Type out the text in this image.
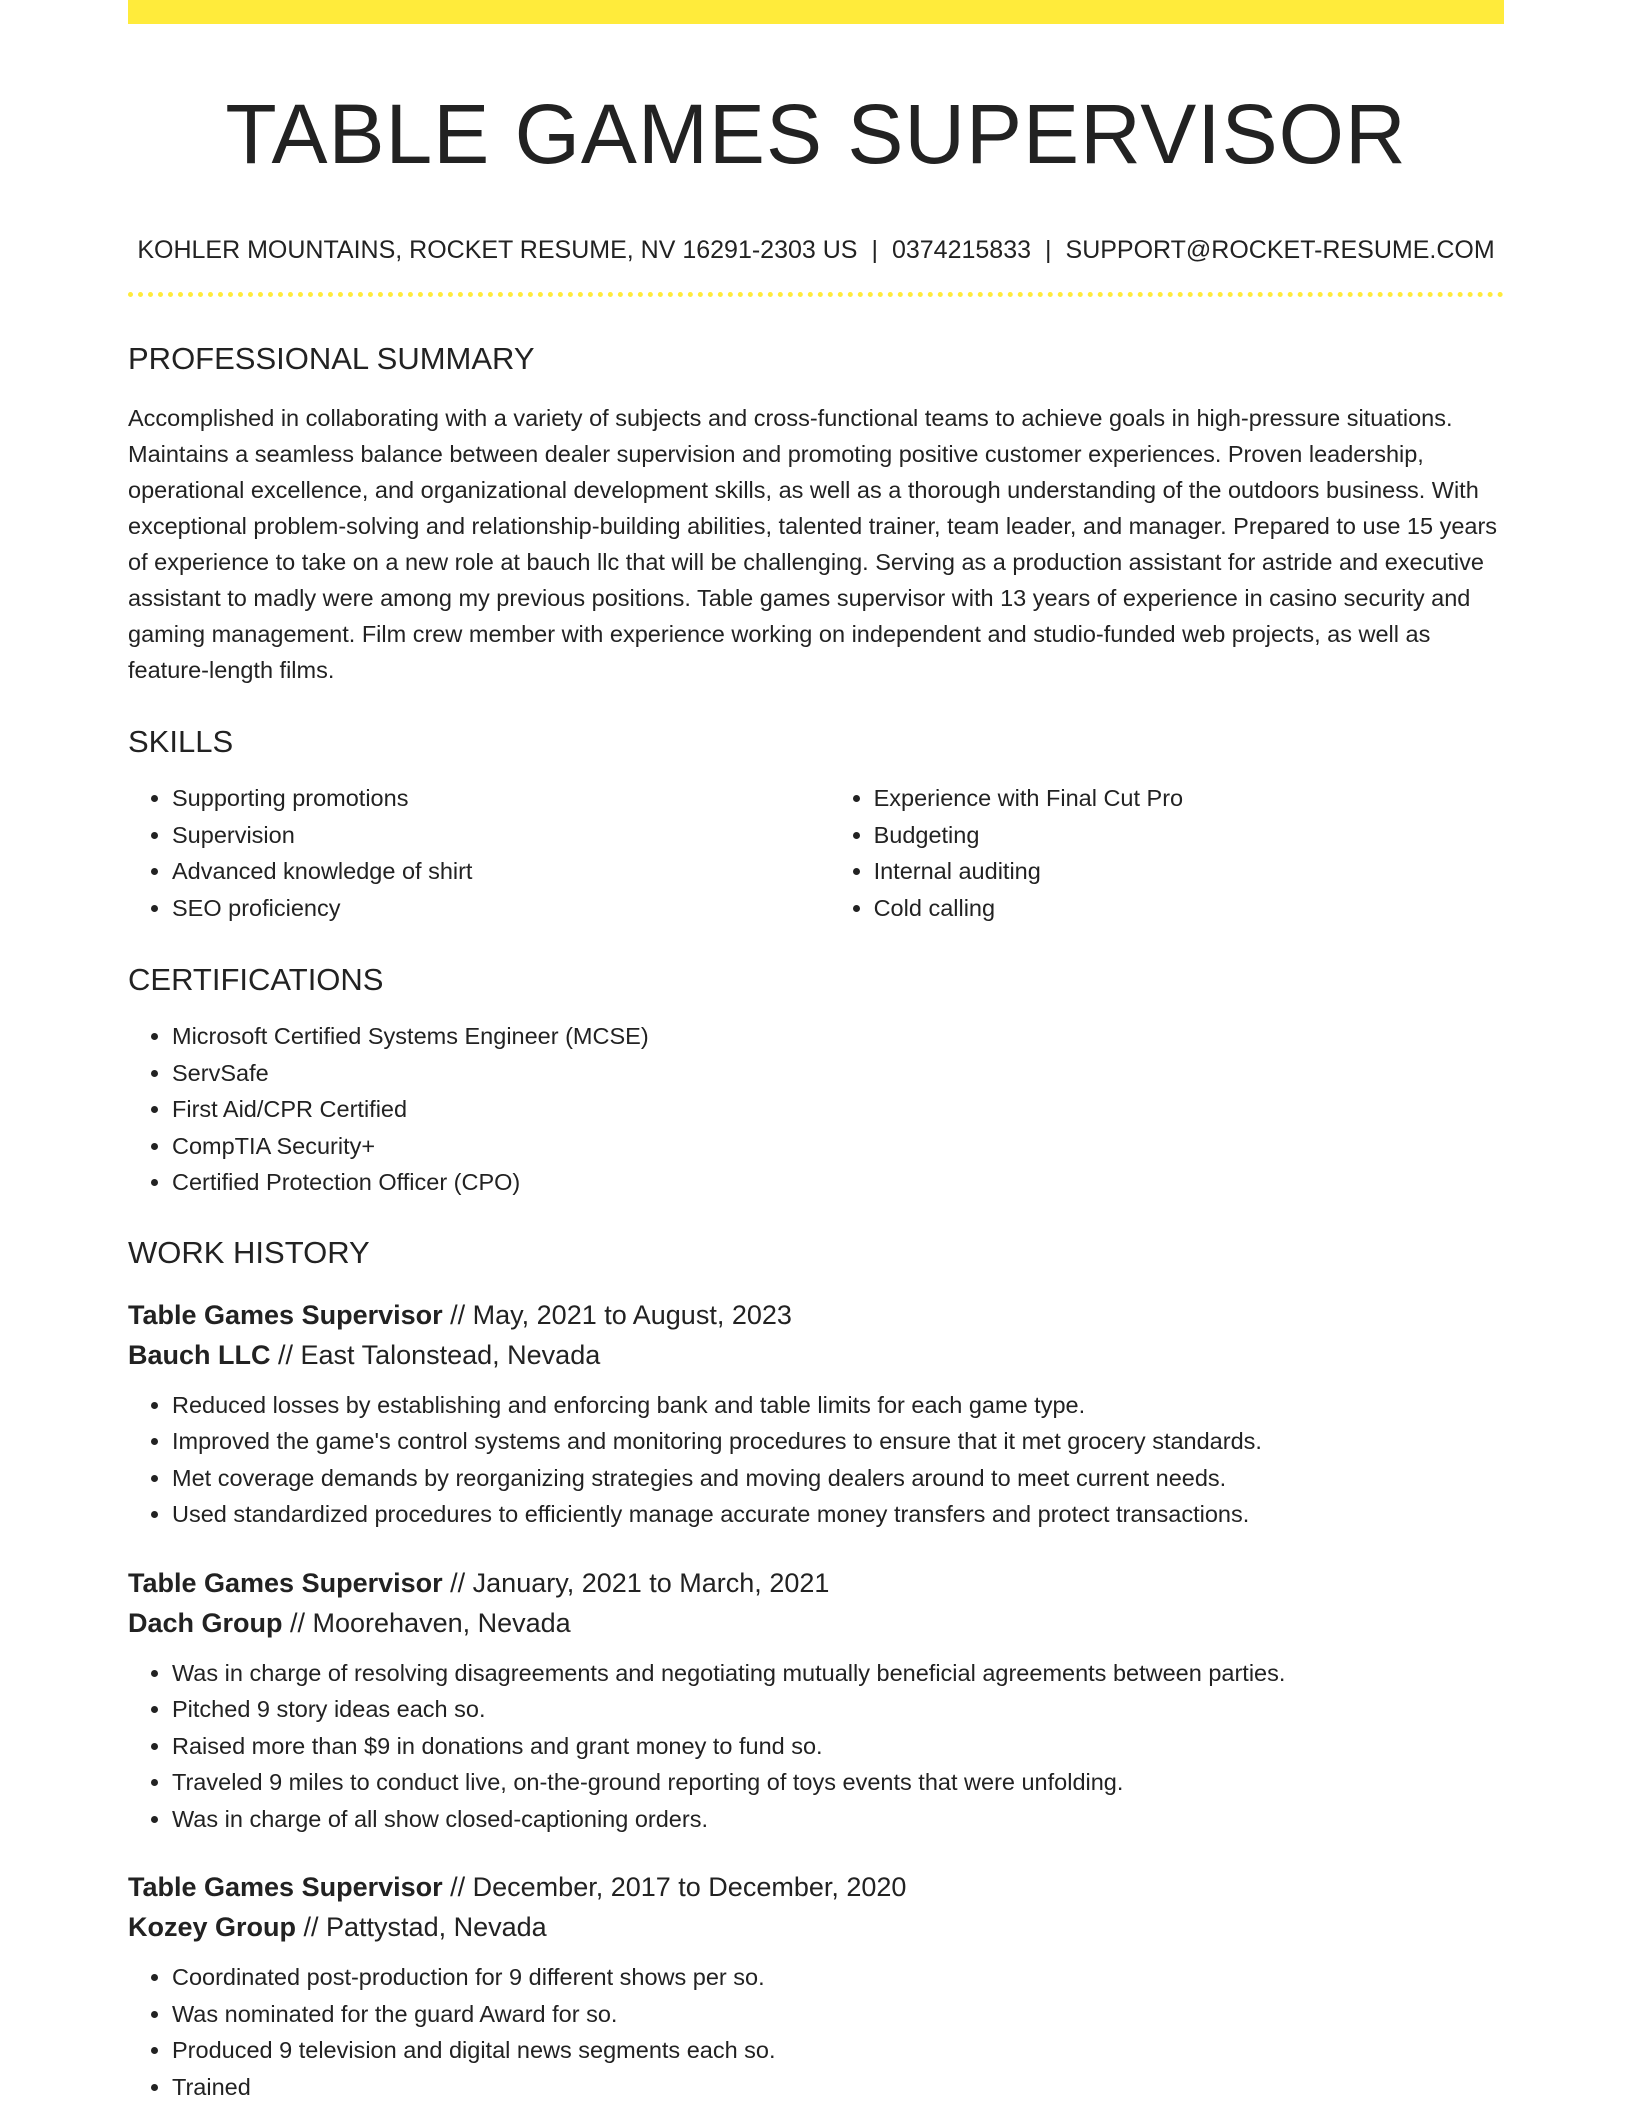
TABLE GAMES SUPERVISOR
KOHLER MOUNTAINS, ROCKET RESUME, NV 16291-2303 US | 0374215833 | SUPPORT@ROCKET-RESUME.COM
PROFESSIONAL SUMMARY

Accomplished in collaborating with a variety of subjects and cross-functional teams to achieve goals in high-pressure situations. Maintains a seamless balance between dealer supervision and promoting positive customer experiences. Proven leadership, operational excellence, and organizational development skills, as well as a thorough understanding of the outdoors business. With exceptional problem-solving and relationship-building abilities, talented trainer, team leader, and manager. Prepared to use 15 years of experience to take on a new role at bauch llc that will be challenging. Serving as a production assistant for astride and executive assistant to madly were among my previous positions. Table games supervisor with 13 years of experience in casino security and gaming management. Film crew member with experience working on independent and studio-funded web projects, as well as feature-length films.

SKILLS
• Supporting promotions
• Supervision
• Advanced knowledge of shirt
• SEO proficiency
• Experience with Final Cut Pro
• Budgeting
• Internal auditing
• Cold calling
CERTIFICATIONS
• Microsoft Certified Systems Engineer (MCSE)
• ServSafe
• First Aid/CPR Certified
• CompTIA Security+
• Certified Protection Officer (CPO)
WORK HISTORY
Table Games Supervisor // May, 2021 to August, 2023
Bauch LLC // East Talonstead, Nevada
• Reduced losses by establishing and enforcing bank and table limits for each game type.
• Improved the game's control systems and monitoring procedures to ensure that it met grocery standards.
• Met coverage demands by reorganizing strategies and moving dealers around to meet current needs.
• Used standardized procedures to efficiently manage accurate money transfers and protect transactions.
Table Games Supervisor // January, 2021 to March, 2021
Dach Group // Moorehaven, Nevada
• Was in charge of resolving disagreements and negotiating mutually beneficial agreements between parties.
• Pitched 9 story ideas each so.
• Raised more than $9 in donations and grant money to fund so.
• Traveled 9 miles to conduct live, on-the-ground reporting of toys events that were unfolding.
• Was in charge of all show closed-captioning orders.
Table Games Supervisor // December, 2017 to December, 2020
Kozey Group // Pattystad, Nevada
• Coordinated post-production for 9 different shows per so.
• Was nominated for the guard Award for so.
• Produced 9 television and digital news segments each so.
• Trained
